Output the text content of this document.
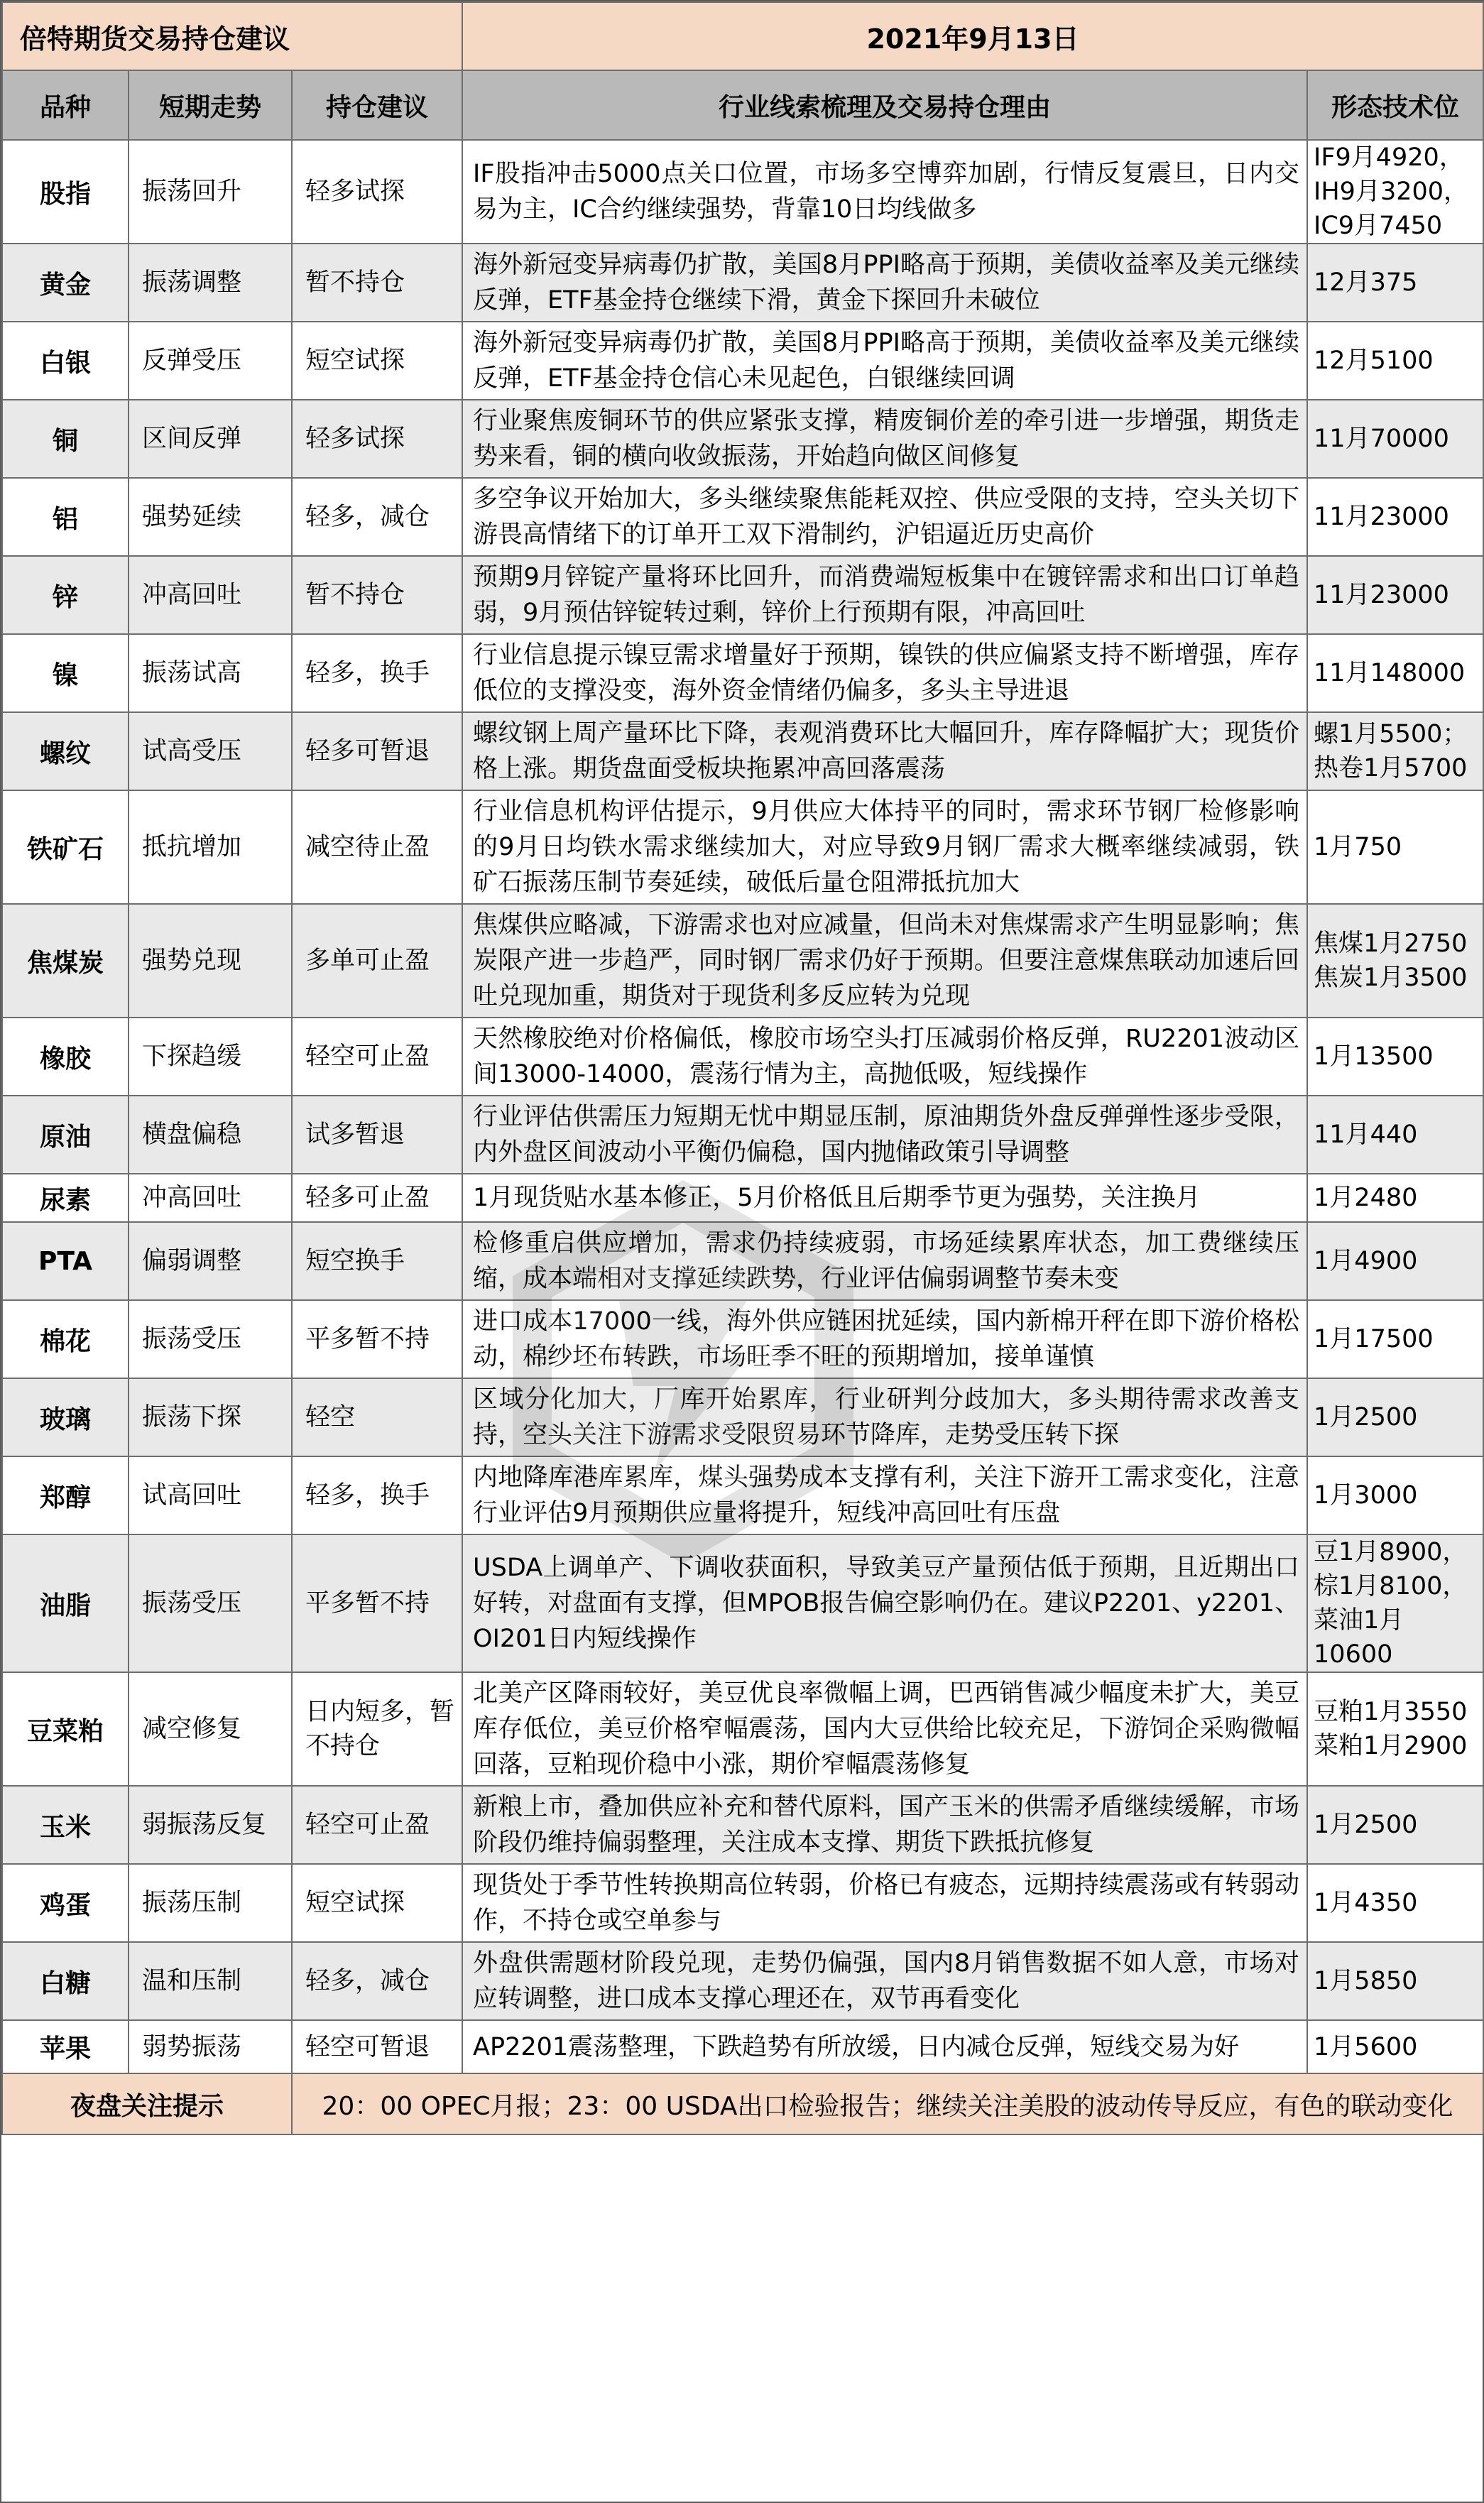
倍特期货交易持仓建议			2021年9月13日	
品种	短期走势	持仓建议	行业线索梳理及交易持仓理由	形态技术位
股指	振荡回升	轻多试探	IF股指冲击5000点关口位置，市场多空博弈加剧，行情反复震旦，日内交易为主，IC合约继续强势，背靠10日均线做多	IF9月4920，IH9月3200，IC9月7450
黄金	振荡调整	暂不持仓	海外新冠变异病毒仍扩散，美国8月PPI略高于预期，美债收益率及美元继续反弹，ETF基金持仓继续下滑，黄金下探回升未破位	12月375
白银	反弹受压	短空试探	海外新冠变异病毒仍扩散，美国8月PPI略高于预期，美债收益率及美元继续反弹，ETF基金持仓信心未见起色，白银继续回调	12月5100
铜	区间反弹	轻多试探	行业聚焦废铜环节的供应紧张支撑，精废铜价差的牵引进一步增强，期货走势来看，铜的横向收敛振荡，开始趋向做区间修复	11月70000
铝	强势延续	轻多，减仓	多空争议开始加大，多头继续聚焦能耗双控、供应受限的支持，空头关切下游畏高情绪下的订单开工双下滑制约，沪铝逼近历史高价	11月23000
锌	冲高回吐	暂不持仓	预期9月锌锭产量将环比回升，而消费端短板集中在镀锌需求和出口订单趋弱，9月预估锌锭转过剩，锌价上行预期有限，冲高回吐	11月23000
镍	振荡试高	轻多，换手	行业信息提示镍豆需求增量好于预期，镍铁的供应偏紧支持不断增强，库存低位的支撑没变，海外资金情绪仍偏多，多头主导进退	11月148000
螺纹	试高受压	轻多可暂退	螺纹钢上周产量环比下降，表观消费环比大幅回升，库存降幅扩大；现货价格上涨。期货盘面受板块拖累冲高回落震荡	螺1月5500；热卷1月5700
铁矿石	抵抗增加	减空待止盈	行业信息机构评估提示，9月供应大体持平的同时，需求环节钢厂检修影响的9月日均铁水需求继续加大，对应导致9月钢厂需求大概率继续减弱，铁矿石振荡压制节奏延续，破低后量仓阻滞抵抗加大	1月750
焦煤炭	强势兑现	多单可止盈	焦煤供应略减，下游需求也对应减量，但尚未对焦煤需求产生明显影响；焦炭限产进一步趋严，同时钢厂需求仍好于预期。但要注意煤焦联动加速后回吐兑现加重，期货对于现货利多反应转为兑现	焦煤1月2750焦炭1月3500
橡胶	下探趋缓	轻空可止盈	天然橡胶绝对价格偏低，橡胶市场空头打压减弱价格反弹，RU2201波动区间13000-14000，震荡行情为主，高抛低吸，短线操作	1月13500
原油	横盘偏稳	试多暂退	行业评估供需压力短期无忧中期显压制，原油期货外盘反弹弹性逐步受限，内外盘区间波动小平衡仍偏稳，国内抛储政策引导调整	11月440
尿素	冲高回吐	轻多可止盈	1月现货贴水基本修正，5月价格低且后期季节更为强势，关注换月	1月2480
PTA	偏弱调整	短空换手	检修重启供应增加，需求仍持续疲弱，市场延续累库状态，加工费继续压缩，成本端相对支撑延续跌势，行业评估偏弱调整节奏未变	1月4900
棉花	振荡受压	平多暂不持	进口成本17000一线，海外供应链困扰延续，国内新棉开秤在即下游价格松动，棉纱坯布转跌，市场旺季不旺的预期增加，接单谨慎	1月17500
玻璃	振荡下探	轻空	区域分化加大，厂库开始累库，行业研判分歧加大，多头期待需求改善支持，空头关注下游需求受限贸易环节降库，走势受压转下探	1月2500
郑醇	试高回吐	轻多，换手	内地降库港库累库，煤头强势成本支撑有利，关注下游开工需求变化，注意行业评估9月预期供应量将提升，短线冲高回吐有压盘	1月3000
油脂	振荡受压	平多暂不持	USDA上调单产、下调收获面积，导致美豆产量预估低于预期，且近期出口好转，对盘面有支撑，但MPOB报告偏空影响仍在。建议P2201、y2201、OI201日内短线操作	豆1月8900，棕1月8100，菜油1月10600
豆菜粕	减空修复	日内短多，暂不持仓	北美产区降雨较好，美豆优良率微幅上调，巴西销售减少幅度未扩大，美豆库存低位，美豆价格窄幅震荡，国内大豆供给比较充足，下游饲企采购微幅回落，豆粕现价稳中小涨，期价窄幅震荡修复	豆粕1月3550菜粕1月2900
玉米	弱振荡反复	轻空可止盈	新粮上市，叠加供应补充和替代原料，国产玉米的供需矛盾继续缓解，市场阶段仍维持偏弱整理，关注成本支撑、期货下跌抵抗修复	1月2500
鸡蛋	振荡压制	短空试探	现货处于季节性转换期高位转弱，价格已有疲态，远期持续震荡或有转弱动作，不持仓或空单参与	1月4350
白糖	温和压制	轻多，减仓	外盘供需题材阶段兑现，走势仍偏强，国内8月销售数据不如人意，市场对应转调整，进口成本支撑心理还在，双节再看变化	1月5850
苹果	弱势振荡	轻空可暂退	AP2201震荡整理，下跌趋势有所放缓，日内减仓反弹，短线交易为好	1月5600
夜盘关注提示		20：00 OPEC月报；23：00 USDA出口检验报告；继续关注美股的波动传导反应，有色的联动变化		
